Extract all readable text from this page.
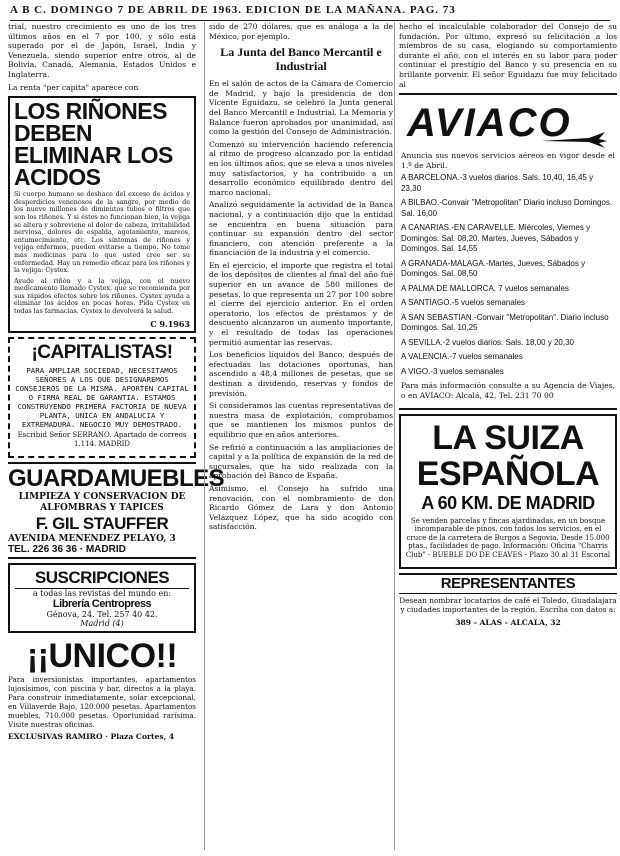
A B C. DOMINGO 7 DE ABRIL DE 1963. EDICION DE LA MAÑANA. PAG. 73

trial, nuestro crecimiento es uno de los tres últimos años en el 7 por 100, y sólo está superado por el de Japón, Israel, India y Venezuela, siendo superior entre otros, al de Bolivia, Canadá, Alemania, Estados Unidos e Inglaterra.

La renta "per capita" aparece con

LOS RIÑONES DEBEN ELIMINAR LOS ACIDOS

Si cuerpo humano se deshace del exceso de ácidos y desperdicios venenosos de la sangre, por medio de los nueve millones de diminutos tubos o filtros que son los riñones. Y si éstos no funcionan bien, la vejiga se altera y sobreviene el dolor de cabeza, irritabilidad nerviosa, dolores de espalda, agotamiento, mareos, entumecimiento, etc. Los síntomas de riñones y vejiga enfermos, pueden evitarse a tiempo. No tome más medicinas para lo que usted cree ser su enfermedad. Hay un remedio eficaz para los riñones y la vejiga: Cystex.

Ayude al riñón y a la vejiga, con el nuevo medicamento llamado Cystex, que se recomienda por sus rápidos efectos sobre los riñones. Cystex ayuda a eliminar los ácidos en pocas horas. Pida Cystex en todas las farmacias. Cystex le devolverá la salud.

C 9.1963
¡CAPITALISTAS!

PARA AMPLIAR SOCIEDAD, NECESITAMOS SEÑORES A LOS QUE DESIGNAREMOS CONSEJEROS DE LA MISMA. APORTEN CAPITAL O FIRMA REAL DE GARANTIA. ESTAMOS CONSTRUYENDO PRIMERA FACTORIA DE NUEVA PLANTA, UNICA EN ANDALUCIA Y EXTREMADURA. NEGOCIO MUY DEMOSTRADO.

Escribid Señor SERRANO. Apartado de correos 1.114. MADRID

GUARDAMUEBLES
LIMPIEZA Y CONSERVACION DE ALFOMBRAS Y TAPICES
F. GIL STAUFFER
AVENIDA MENENDEZ PELAYO, 3
TEL. 226 36 36 · MADRID
SUSCRIPCIONES
a todas las revistas del mundo en:
Librería Centropress
Génova, 24. Tel. 257 40 42.
Madrid (4)
¡¡UNICO!!

Para inversionistas importantes, apartamentos lujosísimos, con piscina y bar, directos a la playa. Para construir inmediatamente, solar excepcional, en Villaverde Bajo, 120.000 pesetas. Apartamentos muebles, 710.000 pesetas. Oportunidad rarísima. Visite nuestras oficinas.

EXCLUSIVAS RAMIRO · Plaza Cortes, 4

sido de 270 dólares, que es análoga a la de México, por ejemplo.

La Junta del Banco Mercantil e Industrial

En el salón de actos de la Cámara de Comercio de Madrid, y bajo la presidencia de don Vicente Eguidazu, se celebró la Junta general del Banco Mercantil e Industrial. La Memoria y Balance fueron aprobados por unanimidad, así como la gestión del Consejo de Administración.

Comenzó su intervención haciendo referencia al ritmo de progreso alcanzado por la entidad en los últimos años, que se eleva a unos niveles muy satisfactorios, y ha contribuido a un desarrollo económico equilibrado dentro del marco nacional.

Analizó seguidamente la actividad de la Banca nacional, y a continuación dijo que la entidad se encuentra en buena situación para continuar su expansión dentro del sector financiero, con atención preferente a la financiación de la industria y el comercio.

En el ejercicio, el importe que registra el total de los depósitos de clientes al final del año fué superior en un avance de 580 millones de pesetas, lo que representa un 27 por 100 sobre el cierre del ejercicio anterior. En el orden operatorio, los efectos de préstamos y de descuento alcanzaron un aumento importante, y el resultado de todas las operaciones permitió aumentar las reservas.

Los beneficios líquidos del Banco, después de efectuadas las dotaciones oportunas, han ascendido a 48,4 millones de pesetas, que se destinan a dividendo, reservas y fondos de previsión.

Si consideramos las cuentas representativas de nuestra masa de explotación, comprobamos que se mantienen los mismos puntos de equilibrio que en años anteriores.

Se refirió a continuación a las ampliaciones de capital y a la política de expansión de la red de sucursales, que ha sido realizada con la aprobación del Banco de España.

Asimismo, el Consejo ha sufrido una renovación, con el nombramiento de don Ricardo Gómez de Lara y don Antonio Velázquez López, que ha sido acogido con satisfacción.

hecho el incalculable colaborador del Consejo de su fundación. Por último, expresó su felicitación a los miembros de su casa, elogiando su comportamiento durante el año, con el interés en su labor para poder continuar el prestigio del Banco y su presencia en su brillante porvenir. El señor Eguidazu fue muy felicitado al

AVIACO

Anuncia sus nuevos servicios aéreos en vigor desde el 1.º de Abril.

A BARCELONA.-3 vuelos diarios. Sals. 10,40, 16,45 y 23,30

A BILBAO.-Convair "Metropolitan" Diario incluso Domingos. Sal. 16,00

A CANARIAS.-EN CARAVELLE. Miércoles, Viernes y Domingos. Sal. 08,20. Martes, Jueves, Sábados y Domingos. Sal. 14,55

A GRANADA-MALAGA.-Martes, Jueves, Sábados y Domingos. Sal. 08,50

A PALMA DE MALLORCA. 7 vuelos semanales

A SANTIAGO.-5 vuelos semanales

A SAN SEBASTIAN.-Convair "Metropolitan". Diario incluso Domingos. Sal. 10,25

A SEVILLA.-2 vuelos diarios. Sals. 18,00 y 20,30

A VALENCIA.-7 vuelos semanales

A VIGO.-3 vuelos semanales

Para más información consulte a su Agencia de Viajes, o en AVIACO: Alcalá, 42, Tel. 231 70 00

LA SUIZA
ESPAÑOLA
A 60 KM. DE MADRID

Se venden parcelas y fincas ajardinadas, en un bosque incomparable de pinos, con todos los servicios, en el cruce de la carretera de Burgos a Segovia. Desde 15.000 ptas., facilidades de pago. Información: Oficina "Charris Club" - BUEBLE DO DE CEAVES - Plazo 30 al 31 Escorial

REPRESENTANTES

Desean nombrar locatarios de café el Toledo, Guadalajara y ciudades importantes de la región. Escríba con datos a:

389 - ALAS - ALCALA, 32
